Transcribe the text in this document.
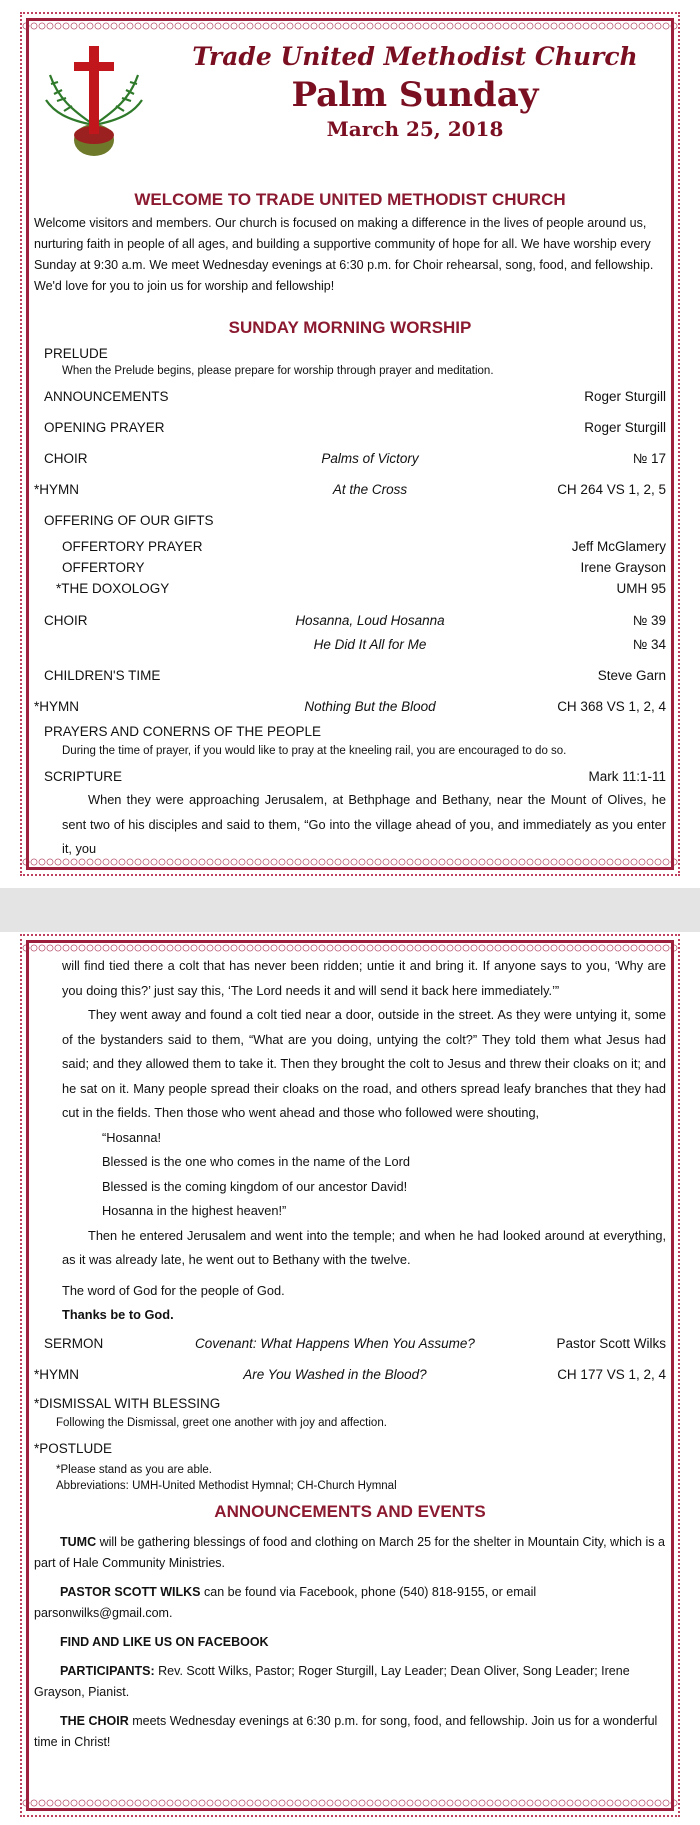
Trade United Methodist Church
Palm Sunday
March 25, 2018
WELCOME TO TRADE UNITED METHODIST CHURCH
Welcome visitors and members. Our church is focused on making a difference in the lives of people around us, nurturing faith in people of all ages, and building a supportive community of hope for all. We have worship every Sunday at 9:30 a.m. We meet Wednesday evenings at 6:30 p.m. for Choir rehearsal, song, food, and fellowship. We'd love for you to join us for worship and fellowship!
SUNDAY MORNING WORSHIP
PRELUDE
When the Prelude begins, please prepare for worship through prayer and meditation.
ANNOUNCEMENTS	Roger Sturgill
OPENING PRAYER	Roger Sturgill
CHOIR	Palms of Victory	№ 17
*HYMN	At the Cross	CH 264 VS 1, 2, 5
OFFERING OF OUR GIFTS
OFFERTORY PRAYER	Jeff McGlamery
OFFERTORY	Irene Grayson
*THE DOXOLOGY	UMH 95
CHOIR	Hosanna, Loud Hosanna	№ 39
He Did It All for Me	№ 34
CHILDREN'S TIME	Steve Garn
*HYMN	Nothing But the Blood	CH 368 VS 1, 2, 4
PRAYERS AND CONERNS OF THE PEOPLE
During the time of prayer, if you would like to pray at the kneeling rail, you are encouraged to do so.
SCRIPTURE	Mark 11:1-11
When they were approaching Jerusalem, at Bethphage and Bethany, near the Mount of Olives, he sent two of his disciples and said to them, “Go into the village ahead of you, and immediately as you enter it, you
will find tied there a colt that has never been ridden; untie it and bring it. If anyone says to you, ‘Why are you doing this?’ just say this, ‘The Lord needs it and will send it back here immediately.’”
They went away and found a colt tied near a door, outside in the street. As they were untying it, some of the bystanders said to them, “What are you doing, untying the colt?” They told them what Jesus had said; and they allowed them to take it. Then they brought the colt to Jesus and threw their cloaks on it; and he sat on it. Many people spread their cloaks on the road, and others spread leafy branches that they had cut in the fields. Then those who went ahead and those who followed were shouting,
“Hosanna!
Blessed is the one who comes in the name of the Lord
Blessed is the coming kingdom of our ancestor David!
Hosanna in the highest heaven!”
Then he entered Jerusalem and went into the temple; and when he had looked around at everything, as it was already late, he went out to Bethany with the twelve.
The word of God for the people of God.
Thanks be to God.
SERMON	Covenant: What Happens When You Assume?	Pastor Scott Wilks
*HYMN	Are You Washed in the Blood?	CH 177 VS 1, 2, 4
*DISMISSAL WITH BLESSING
Following the Dismissal, greet one another with joy and affection.
*POSTLUDE
*Please stand as you are able.
Abbreviations: UMH-United Methodist Hymnal; CH-Church Hymnal
ANNOUNCEMENTS AND EVENTS
TUMC will be gathering blessings of food and clothing on March 25 for the shelter in Mountain City, which is a part of Hale Community Ministries.
PASTOR SCOTT WILKS can be found via Facebook, phone (540) 818-9155, or email parsonwilks@gmail.com.
FIND AND LIKE US ON FACEBOOK
PARTICIPANTS: Rev. Scott Wilks, Pastor; Roger Sturgill, Lay Leader; Dean Oliver, Song Leader; Irene Grayson, Pianist.
THE CHOIR meets Wednesday evenings at 6:30 p.m. for song, food, and fellowship. Join us for a wonderful time in Christ!
